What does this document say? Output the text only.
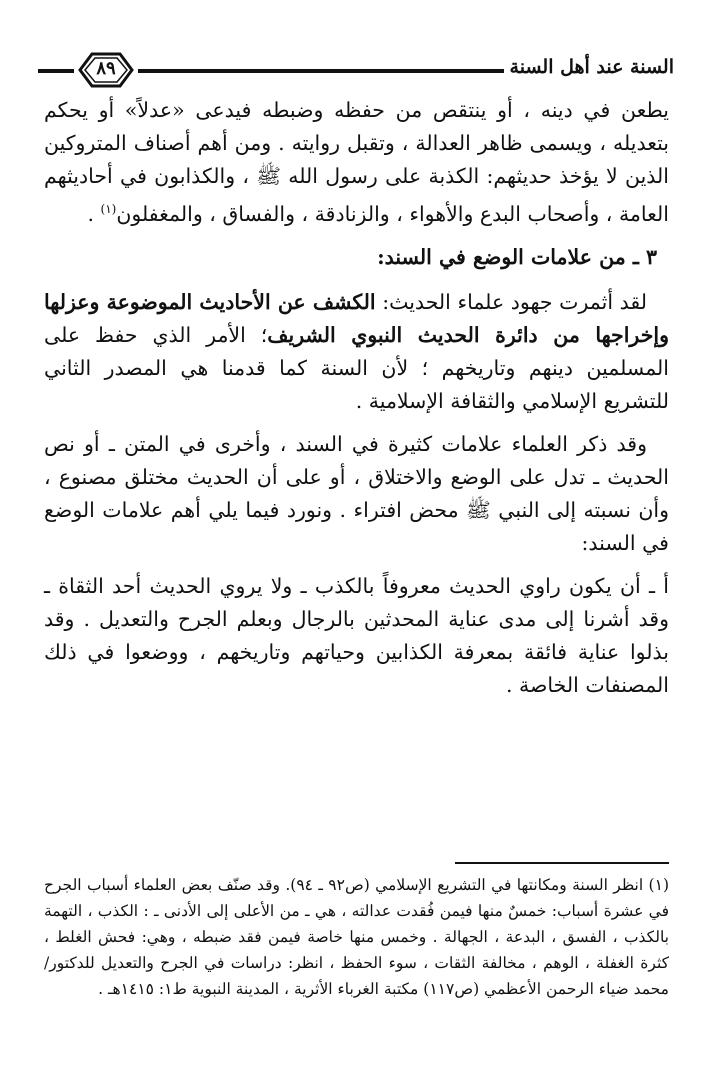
السنة عند أهل السنة
٨٩

يطعن في دينه ، أو ينتقص من حفظه وضبطه فيدعى «عدلاً» أو يحكم بتعديله ، ويسمى ظاهر العدالة ، وتقبل روايته . ومن أهم أصناف المتروكين الذين لا يؤخذ حديثهم: الكذبة على رسول الله ﷺ ، والكذابون في أحاديثهم العامة ، وأصحاب البدع والأهواء ، والزنادقة ، والفساق ، والمغفلون$^{(١)}$ .

٣ ـ من علامات الوضع في السند:

لقد أثمرت جهود علماء الحديث: الكشف عن الأحاديث الموضوعة وعزلها وإخراجها من دائرة الحديث النبوي الشريف؛ الأمر الذي حفظ على المسلمين دينهم وتاريخهم ؛ لأن السنة كما قدمنا هي المصدر الثاني للتشريع الإسلامي والثقافة الإسلامية .

وقد ذكر العلماء علامات كثيرة في السند ، وأخرى في المتن ـ أو نص الحديث ـ تدل على الوضع والاختلاق ، أو على أن الحديث مختلق مصنوع ، وأن نسبته إلى النبي ﷺ محض افتراء . ونورد فيما يلي أهم علامات الوضع في السند:

أ ـ أن يكون راوي الحديث معروفاً بالكذب ـ ولا يروي الحديث أحد الثقاة ـ وقد أشرنا إلى مدى عناية المحدثين بالرجال وبعلم الجرح والتعديل . وقد بذلوا عناية فائقة بمعرفة الكذابين وحياتهم وتاريخهم ، ووضعوا في ذلك المصنفات الخاصة .

(١) انظر السنة ومكانتها في التشريع الإسلامي (ص٩٢ ـ ٩٤). وقد صنّف بعض العلماء أسباب الجرح في عشرة أسباب: خمسٌ منها فيمن فُقدت عدالته ، هي ـ من الأعلى إلى الأدنى ـ : الكذب ، التهمة بالكذب ، الفسق ، البدعة ، الجهالة . وخمس منها خاصة فيمن فقد ضبطه ، وهي: فحش الغلط ، كثرة الغفلة ، الوهم ، مخالفة الثقات ، سوء الحفظ ، انظر: دراسات في الجرح والتعديل للدكتور/ محمد ضياء الرحمن الأعظمي (ص١١٧) مكتبة الغرباء الأثرية ، المدينة النبوية ط١: ١٤١٥هـ .
